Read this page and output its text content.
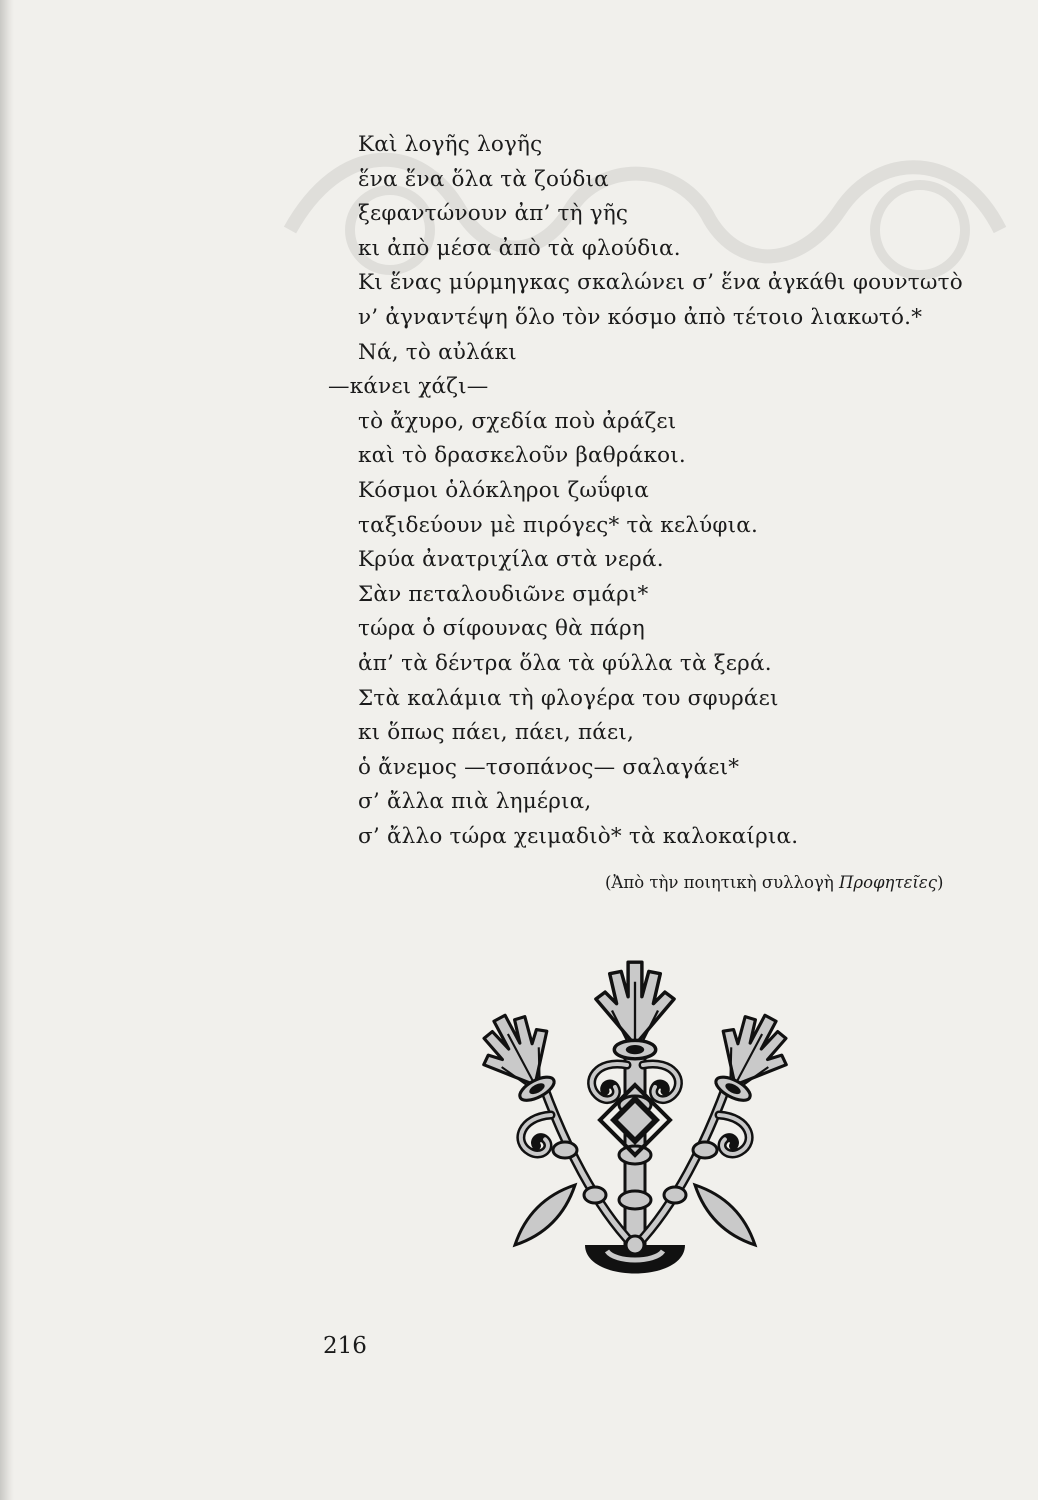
Καὶ λογῆς λογῆς
ἕνα ἕνα ὅλα τὰ ζούδια
ξεφαντώνουν ἀπ’ τὴ γῆς
κι ἀπὸ μέσα ἀπὸ τὰ φλούδια.
Κι ἕνας μύρμηγκας σκαλώνει σ’ ἕνα ἀγκάθι φουντωτὸ
ν’ ἀγναντέψη ὅλο τὸν κόσμο ἀπὸ τέτοιο λιακωτό.*
Νά, τὸ αὐλάκι
—κάνει χάζι—
τὸ ἄχυρο, σχεδία ποὺ ἀράζει
καὶ τὸ δρασκελοῦν βαθράκοι.
Κόσμοι ὁλόκληροι ζωΰφια
ταξιδεύουν μὲ πιρόγες* τὰ κελύφια.
Κρύα ἀνατριχίλα στὰ νερά.
Σὰν πεταλουδιῶνε σμάρι*
τώρα ὁ σίφουνας θὰ πάρη
ἀπ’ τὰ δέντρα ὅλα τὰ φύλλα τὰ ξερά.
Στὰ καλάμια τὴ φλογέρα του σφυράει
κι ὅπως πάει, πάει, πάει,
ὁ ἄνεμος —τσοπάνος— σαλαγάει*
σ’ ἄλλα πιὰ λημέρια,
σ’ ἄλλο τώρα χειμαδιὸ* τὰ καλοκαίρια.
(Ἀπὸ τὴν ποιητικὴ συλλογὴ Προφητεῖες)
216
